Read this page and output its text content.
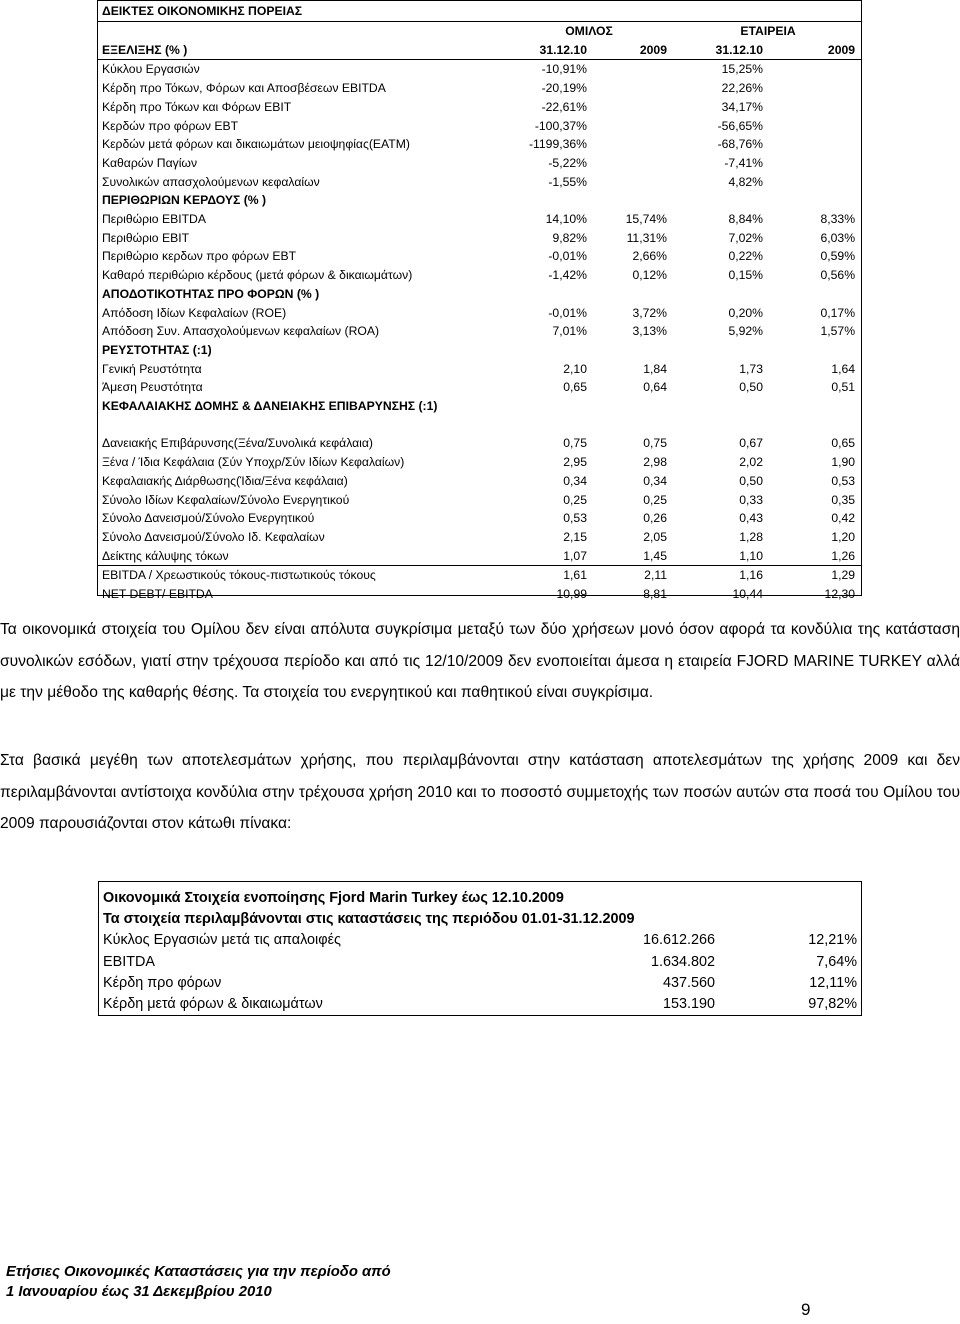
ΔΕΙΚΤΕΣ ΟΙΚΟΝΟΜΙΚΗΣ ΠΟΡΕΙΑΣ				
	ΟΜΙΛΟΣ		ΕΤΑΙΡΕΙΑ	
ΕΞΕΛΙΞΗΣ (% )	31.12.10	2009	31.12.10	2009
Κύκλου Εργασιών	-10,91%		15,25%	
Κέρδη προ Τόκων, Φόρων και Αποσβέσεων EBITDA	-20,19%		22,26%	
Κέρδη προ Τόκων και Φόρων EBIT	-22,61%		34,17%	
Κερδών προ φόρων ΕΒΤ	-100,37%		-56,65%	
Κερδών μετά φόρων και δικαιωμάτων μειοψηφίας(ΕΑΤΜ)	-1199,36%		-68,76%	
Καθαρών Παγίων	-5,22%		-7,41%	
Συνολικών απασχολούμενων κεφαλαίων	-1,55%		4,82%	
ΠΕΡΙΘΩΡΙΩΝ ΚΕΡΔΟΥΣ (% )				
Περιθώριο EBITDA	14,10%	15,74%	8,84%	8,33%
Περιθώριο EBIT	9,82%	11,31%	7,02%	6,03%
Περιθώριο κερδων προ φόρων ΕΒΤ	-0,01%	2,66%	0,22%	0,59%
Καθαρό περιθώριο κέρδους (μετά φόρων & δικαιωμάτων)	-1,42%	0,12%	0,15%	0,56%
ΑΠΟΔΟΤΙΚΟΤΗΤΑΣ ΠΡΟ ΦΟΡΩΝ (% )				
Απόδοση Ιδίων Κεφαλαίων (ROE)	-0,01%	3,72%	0,20%	0,17%
Απόδοση Συν. Απασχολούμενων κεφαλαίων (ROA)	7,01%	3,13%	5,92%	1,57%
ΡΕΥΣΤΟΤΗΤΑΣ (:1)				
Γενική Ρευστότητα	2,10	1,84	1,73	1,64
Άμεση Ρευστότητα	0,65	0,64	0,50	0,51
ΚΕΦΑΛΑΙΑΚΗΣ ΔΟΜΗΣ & ΔΑΝΕΙΑΚΗΣ ΕΠΙΒΑΡΥΝΣΗΣ (:1)				

Δανειακής Επιβάρυνσης(Ξένα/Συνολικά κεφάλαια)	0,75	0,75	0,67	0,65
Ξένα / Ίδια Κεφάλαια (Σύν Υποχρ/Σύν Ιδίων Κεφαλαίων)	2,95	2,98	2,02	1,90
Κεφαλαιακής Διάρθωσης(Ίδια/Ξένα κεφάλαια)	0,34	0,34	0,50	0,53
Σύνολο Ιδίων Κεφαλαίων/Σύνολο Ενεργητικού	0,25	0,25	0,33	0,35
Σύνολο Δανεισμού/Σύνολο Ενεργητικού	0,53	0,26	0,43	0,42
Σύνολο Δανεισμού/Σύνολο Ιδ. Κεφαλαίων	2,15	2,05	1,28	1,20
Δείκτης κάλυψης τόκων	1,07	1,45	1,10	1,26
EBITDA / Χρεωστικούς τόκους-πιστωτικούς τόκους	1,61	2,11	1,16	1,29
NET DEBT/ EBITDA	10,99	8,81	10,44	12,30

Τα οικονομικά στοιχεία του Ομίλου δεν είναι απόλυτα συγκρίσιμα μεταξύ των δύο χρήσεων μονό όσον αφορά τα κονδύλια της κατάσταση συνολικών εσόδων, γιατί στην τρέχουσα περίοδο και από τις 12/10/2009 δεν ενοποιείται άμεσα η εταιρεία FJORD MARINE TURKEY αλλά με την μέθοδο της καθαρής θέσης. Τα στοιχεία του ενεργητικού και παθητικού είναι συγκρίσιμα.

Στα βασικά μεγέθη των αποτελεσμάτων χρήσης, που περιλαμβάνονται στην κατάσταση αποτελεσμάτων της χρήσης 2009 και δεν περιλαμβάνονται αντίστοιχα κονδύλια στην τρέχουσα χρήση 2010 και το ποσοστό συμμετοχής των ποσών αυτών στα ποσά του Ομίλου του 2009 παρουσιάζονται στον κάτωθι πίνακα:

Οικονομικά Στοιχεία ενοποίησης Fjord Marin Turkey έως 12.10.2009		
Τα στοιχεία περιλαμβάνονται στις καταστάσεις της περιόδου 01.01-31.12.2009		
Κύκλος Εργασιών μετά τις απαλοιφές	16.612.266	12,21%
EBITDA	1.634.802	7,64%
Κέρδη προ φόρων	437.560	12,11%
Κέρδη μετά φόρων & δικαιωμάτων	153.190	97,82%
Ετήσιες Οικονομικές Καταστάσεις για την περίοδο από
1 Ιανουαρίου έως 31 Δεκεμβρίου 2010
9
